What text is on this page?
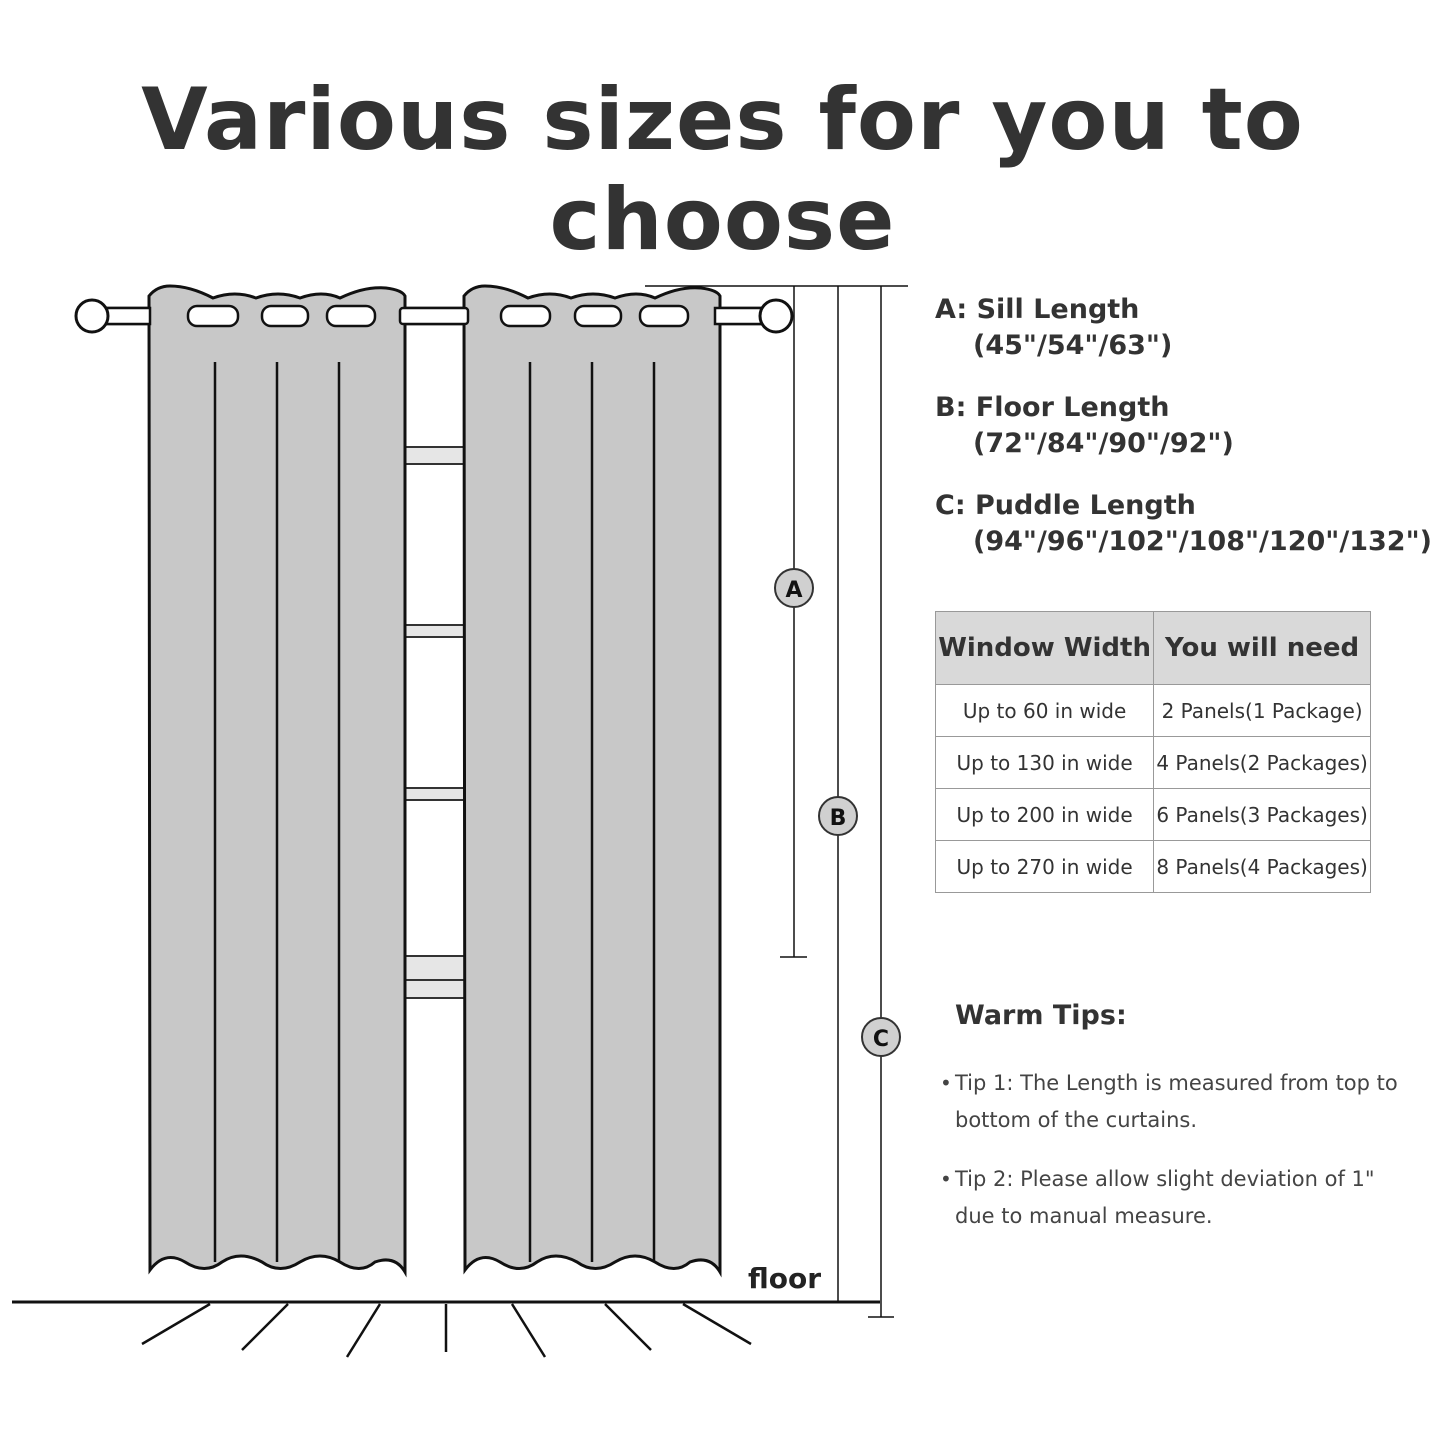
Various sizes for you to choose
A
B
C
floor
A: Sill Length
(45"/54"/63")
B: Floor Length
(72"/84"/90"/92")
C: Puddle Length
(94"/96"/102"/108"/120"/132")
Window Width	You will need
Up to 60 in wide	2 Panels(1 Package)
Up to 130 in wide	4 Panels(2 Packages)
Up to 200 in wide	6 Panels(3 Packages)
Up to 270 in wide	8 Panels(4 Packages)
Warm Tips:
• Tip 1: The Length is measured from top to bottom of the curtains.
• Tip 2: Please allow slight deviation of 1" due to manual measure.
